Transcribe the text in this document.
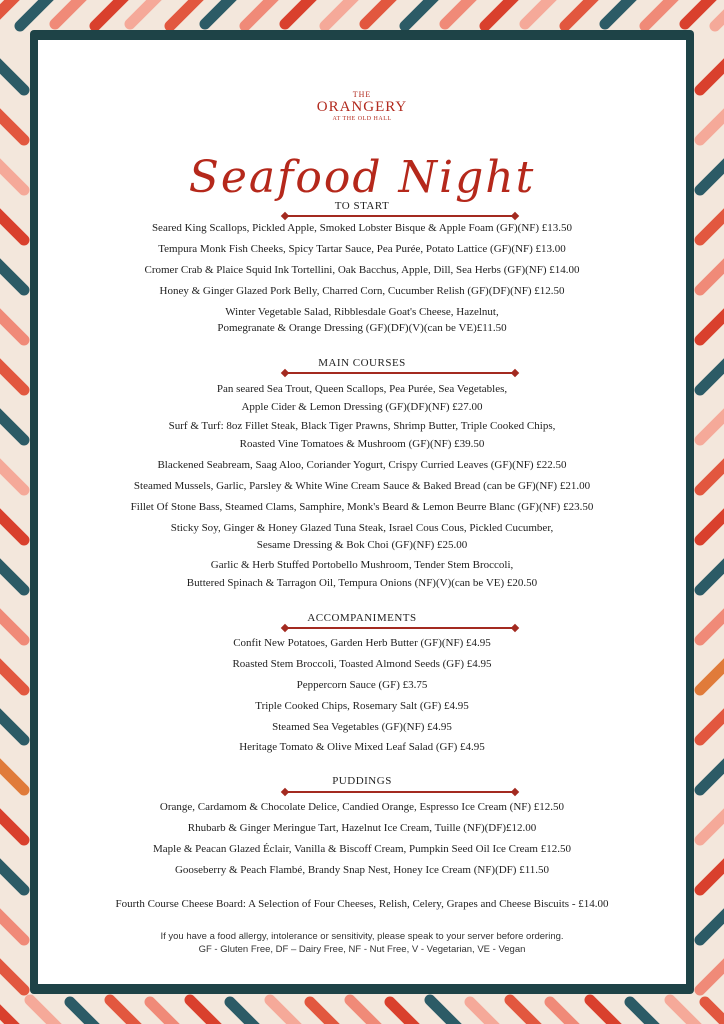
THE
ORANGERY
AT THE OLD HALL
Seafood Night
TO START
Seared King Scallops, Pickled Apple, Smoked Lobster Bisque & Apple Foam (GF)(NF) £13.50
Tempura Monk Fish Cheeks, Spicy Tartar Sauce, Pea Purée, Potato Lattice (GF)(NF) £13.00
Cromer Crab & Plaice Squid Ink Tortellini, Oak Bacchus, Apple, Dill, Sea Herbs (GF)(NF) £14.00
Honey & Ginger Glazed Pork Belly, Charred Corn, Cucumber Relish (GF)(DF)(NF) £12.50
Winter Vegetable Salad, Ribblesdale Goat's Cheese, Hazelnut,
Pomegranate & Orange Dressing (GF)(DF)(V)(can be VE)£11.50
MAIN COURSES
Pan seared Sea Trout, Queen Scallops, Pea Purée, Sea Vegetables,
Apple Cider & Lemon Dressing (GF)(DF)(NF) £27.00
Surf & Turf: 8oz Fillet Steak, Black Tiger Prawns, Shrimp Butter, Triple Cooked Chips,
Roasted Vine Tomatoes & Mushroom (GF)(NF) £39.50
Blackened Seabream, Saag Aloo, Coriander Yogurt, Crispy Curried Leaves (GF)(NF) £22.50
Steamed Mussels, Garlic, Parsley & White Wine Cream Sauce & Baked Bread (can be GF)(NF) £21.00
Fillet Of Stone Bass, Steamed Clams, Samphire, Monk's Beard & Lemon Beurre Blanc (GF)(NF) £23.50
Sticky Soy, Ginger & Honey Glazed Tuna Steak, Israel Cous Cous, Pickled Cucumber,
Sesame Dressing & Bok Choi (GF)(NF) £25.00
Garlic & Herb Stuffed Portobello Mushroom, Tender Stem Broccoli,
Buttered Spinach & Tarragon Oil, Tempura Onions (NF)(V)(can be VE) £20.50
ACCOMPANIMENTS
Confit New Potatoes, Garden Herb Butter (GF)(NF) £4.95
Roasted Stem Broccoli, Toasted Almond Seeds (GF) £4.95
Peppercorn Sauce (GF) £3.75
Triple Cooked Chips, Rosemary Salt (GF) £4.95
Steamed Sea Vegetables (GF)(NF) £4.95
Heritage Tomato & Olive Mixed Leaf Salad (GF) £4.95
PUDDINGS
Orange, Cardamom & Chocolate Delice, Candied Orange, Espresso Ice Cream (NF) £12.50
Rhubarb & Ginger Meringue Tart, Hazelnut Ice Cream, Tuille (NF)(DF)£12.00
Maple & Peacan Glazed Éclair, Vanilla & Biscoff Cream, Pumpkin Seed Oil Ice Cream £12.50
Gooseberry & Peach Flambé, Brandy Snap Nest, Honey Ice Cream (NF)(DF) £11.50
Fourth Course Cheese Board: A Selection of Four Cheeses, Relish, Celery, Grapes and Cheese Biscuits - £14.00
If you have a food allergy, intolerance or sensitivity, please speak to your server before ordering.
GF - Gluten Free, DF – Dairy Free, NF - Nut Free, V - Vegetarian, VE - Vegan
